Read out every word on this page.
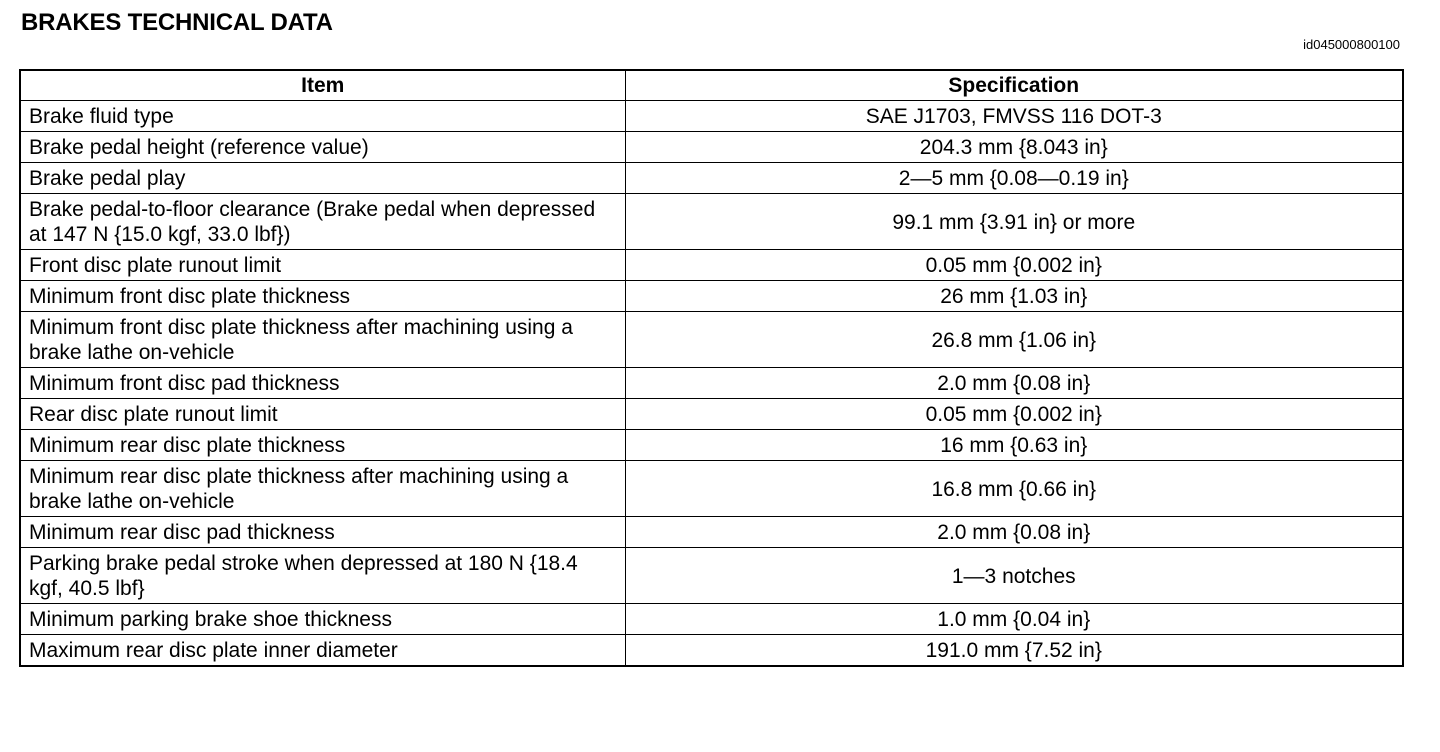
BRAKES TECHNICAL DATA
id045000800100
Item	Specification
Brake fluid type	SAE J1703, FMVSS 116 DOT-3
Brake pedal height (reference value)	204.3 mm {8.043 in}
Brake pedal play	2—5 mm {0.08—0.19 in}
Brake pedal-to-floor clearance (Brake pedal when depressed at 147 N {15.0 kgf, 33.0 lbf})	99.1 mm {3.91 in} or more
Front disc plate runout limit	0.05 mm {0.002 in}
Minimum front disc plate thickness	26 mm {1.03 in}
Minimum front disc plate thickness after machining using a brake lathe on-vehicle	26.8 mm {1.06 in}
Minimum front disc pad thickness	2.0 mm {0.08 in}
Rear disc plate runout limit	0.05 mm {0.002 in}
Minimum rear disc plate thickness	16 mm {0.63 in}
Minimum rear disc plate thickness after machining using a brake lathe on-vehicle	16.8 mm {0.66 in}
Minimum rear disc pad thickness	2.0 mm {0.08 in}
Parking brake pedal stroke when depressed at 180 N {18.4 kgf, 40.5 lbf}	1—3 notches
Minimum parking brake shoe thickness	1.0 mm {0.04 in}
Maximum rear disc plate inner diameter	191.0 mm {7.52 in}
